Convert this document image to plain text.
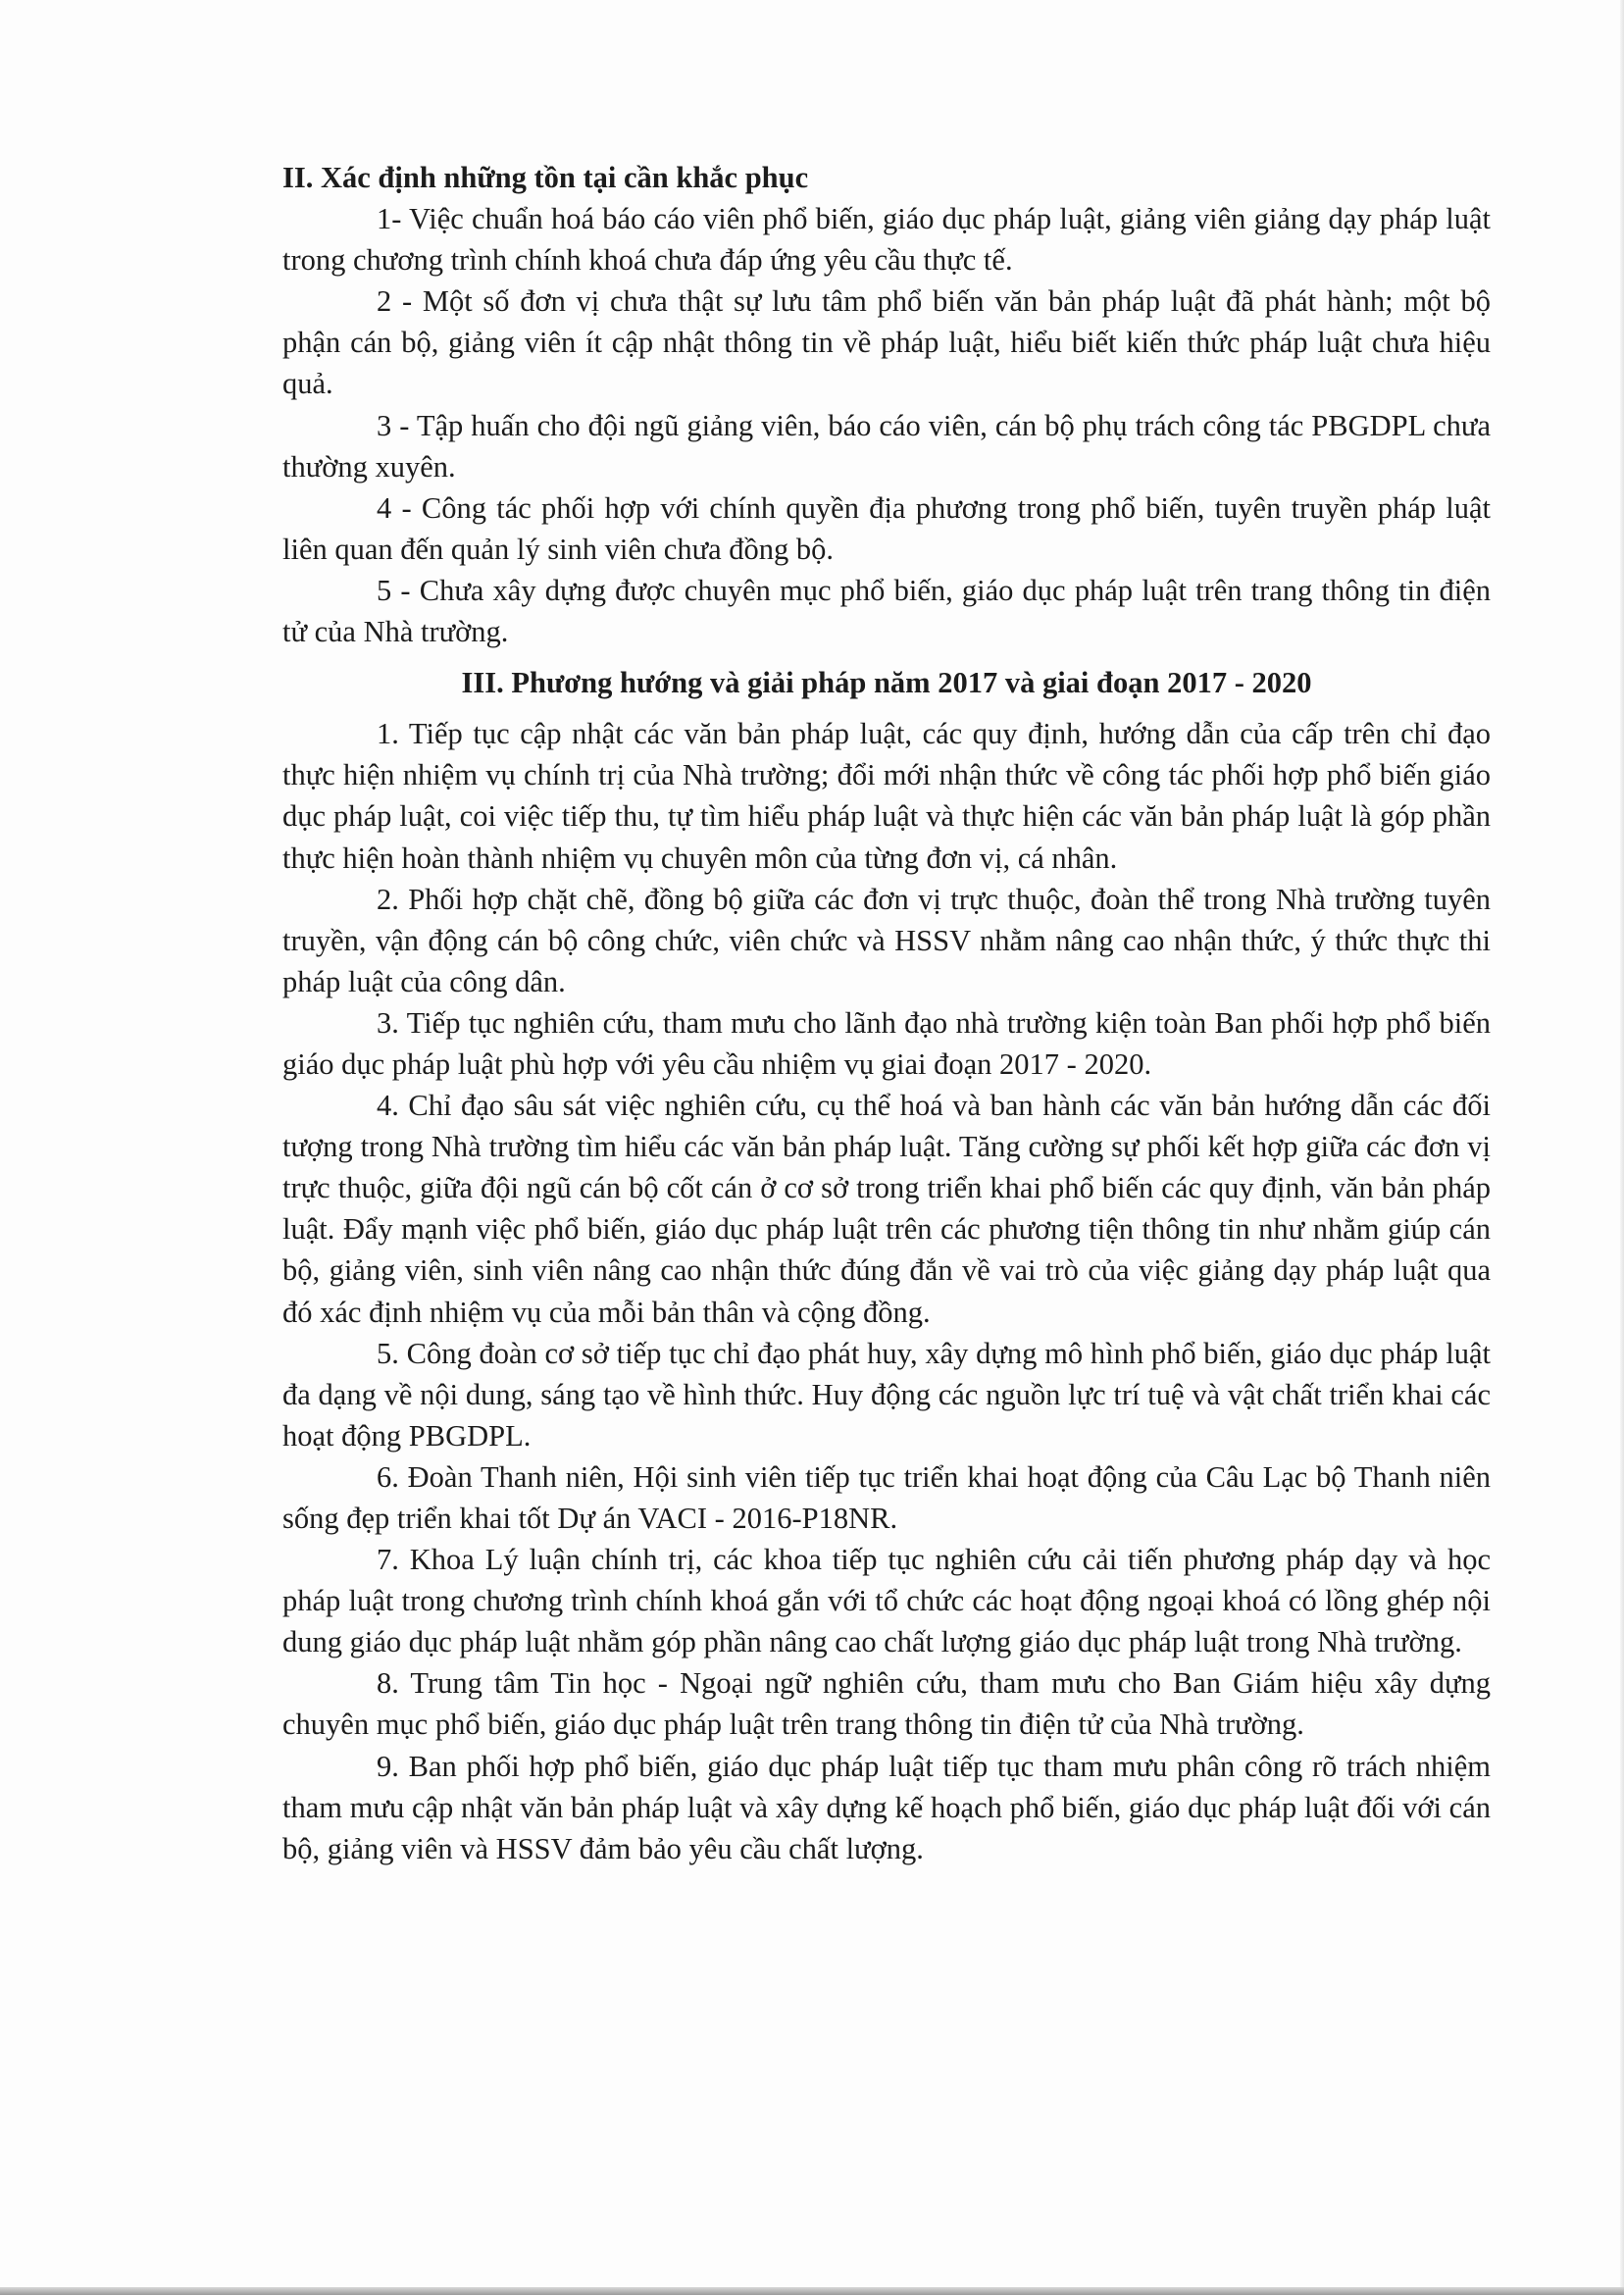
II. Xác định những tồn tại cần khắc phục

1- Việc chuẩn hoá báo cáo viên phổ biến, giáo dục pháp luật, giảng viên giảng dạy pháp luật trong chương trình chính khoá chưa đáp ứng yêu cầu thực tế.

2 - Một số đơn vị chưa thật sự lưu tâm phổ biến văn bản pháp luật đã phát hành; một bộ phận cán bộ, giảng viên ít cập nhật thông tin về pháp luật, hiểu biết kiến thức pháp luật chưa hiệu quả.

3 - Tập huấn cho đội ngũ giảng viên, báo cáo viên, cán bộ phụ trách công tác PBGDPL chưa thường xuyên.

4 - Công tác phối hợp với chính quyền địa phương trong phổ biến, tuyên truyền pháp luật liên quan đến quản lý sinh viên chưa đồng bộ.

5 - Chưa xây dựng được chuyên mục phổ biến, giáo dục pháp luật trên trang thông tin điện tử của Nhà trường.

III. Phương hướng và giải pháp năm 2017 và giai đoạn 2017 - 2020

1. Tiếp tục cập nhật các văn bản pháp luật, các quy định, hướng dẫn của cấp trên chỉ đạo thực hiện nhiệm vụ chính trị của Nhà trường; đổi mới nhận thức về công tác phối hợp phổ biến giáo dục pháp luật, coi việc tiếp thu, tự tìm hiểu pháp luật và thực hiện các văn bản pháp luật là góp phần thực hiện hoàn thành nhiệm vụ chuyên môn của từng đơn vị, cá nhân.

2. Phối hợp chặt chẽ, đồng bộ giữa các đơn vị trực thuộc, đoàn thể trong Nhà trường tuyên truyền, vận động cán bộ công chức, viên chức và HSSV nhằm nâng cao nhận thức, ý thức thực thi pháp luật của công dân.

3. Tiếp tục nghiên cứu, tham mưu cho lãnh đạo nhà trường kiện toàn Ban phối hợp phổ biến giáo dục pháp luật phù hợp với yêu cầu nhiệm vụ giai đoạn 2017 - 2020.

4. Chỉ đạo sâu sát việc nghiên cứu, cụ thể hoá và ban hành các văn bản hướng dẫn các đối tượng trong Nhà trường tìm hiểu các văn bản pháp luật. Tăng cường sự phối kết hợp giữa các đơn vị trực thuộc, giữa đội ngũ cán bộ cốt cán ở cơ sở trong triển khai phổ biến các quy định, văn bản pháp luật. Đẩy mạnh việc phổ biến, giáo dục pháp luật trên các phương tiện thông tin như nhằm giúp cán bộ, giảng viên, sinh viên nâng cao nhận thức đúng đắn về vai trò của việc giảng dạy pháp luật qua đó xác định nhiệm vụ của mỗi bản thân và cộng đồng.

5. Công đoàn cơ sở tiếp tục chỉ đạo phát huy, xây dựng mô hình phổ biến, giáo dục pháp luật đa dạng về nội dung, sáng tạo về hình thức. Huy động các nguồn lực trí tuệ và vật chất triển khai các hoạt động PBGDPL.

6. Đoàn Thanh niên, Hội sinh viên tiếp tục triển khai hoạt động của Câu Lạc bộ Thanh niên sống đẹp triển khai tốt Dự án VACI - 2016-P18NR.

7. Khoa Lý luận chính trị, các khoa tiếp tục nghiên cứu cải tiến phương pháp dạy và học pháp luật trong chương trình chính khoá gắn với tổ chức các hoạt động ngoại khoá có lồng ghép nội dung giáo dục pháp luật nhằm góp phần nâng cao chất lượng giáo dục pháp luật trong Nhà trường.

8. Trung tâm Tin học - Ngoại ngữ nghiên cứu, tham mưu cho Ban Giám hiệu xây dựng chuyên mục phổ biến, giáo dục pháp luật trên trang thông tin điện tử của Nhà trường.

9. Ban phối hợp phổ biến, giáo dục pháp luật tiếp tục tham mưu phân công rõ trách nhiệm tham mưu cập nhật văn bản pháp luật và xây dựng kế hoạch phổ biến, giáo dục pháp luật đối với cán bộ, giảng viên và HSSV đảm bảo yêu cầu chất lượng.
